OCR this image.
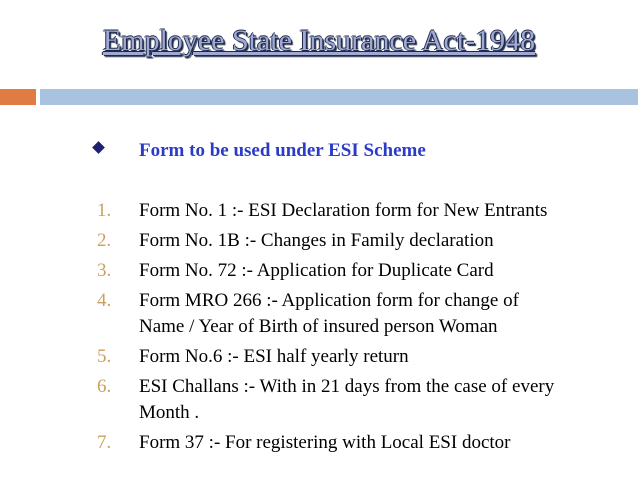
Employee State Insurance Act-1948
Form to be used under ESI Scheme
1. Form No. 1 :- ESI Declaration form for New Entrants
2. Form No. 1B :- Changes in Family declaration
3. Form No. 72 :- Application for Duplicate Card
4. Form MRO 266 :- Application form for change of
Name / Year of Birth of insured person Woman
5. Form No.6 :- ESI half yearly return
6. ESI Challans :- With in 21 days from the case of every
Month .
7. Form 37 :- For registering with Local ESI doctor
